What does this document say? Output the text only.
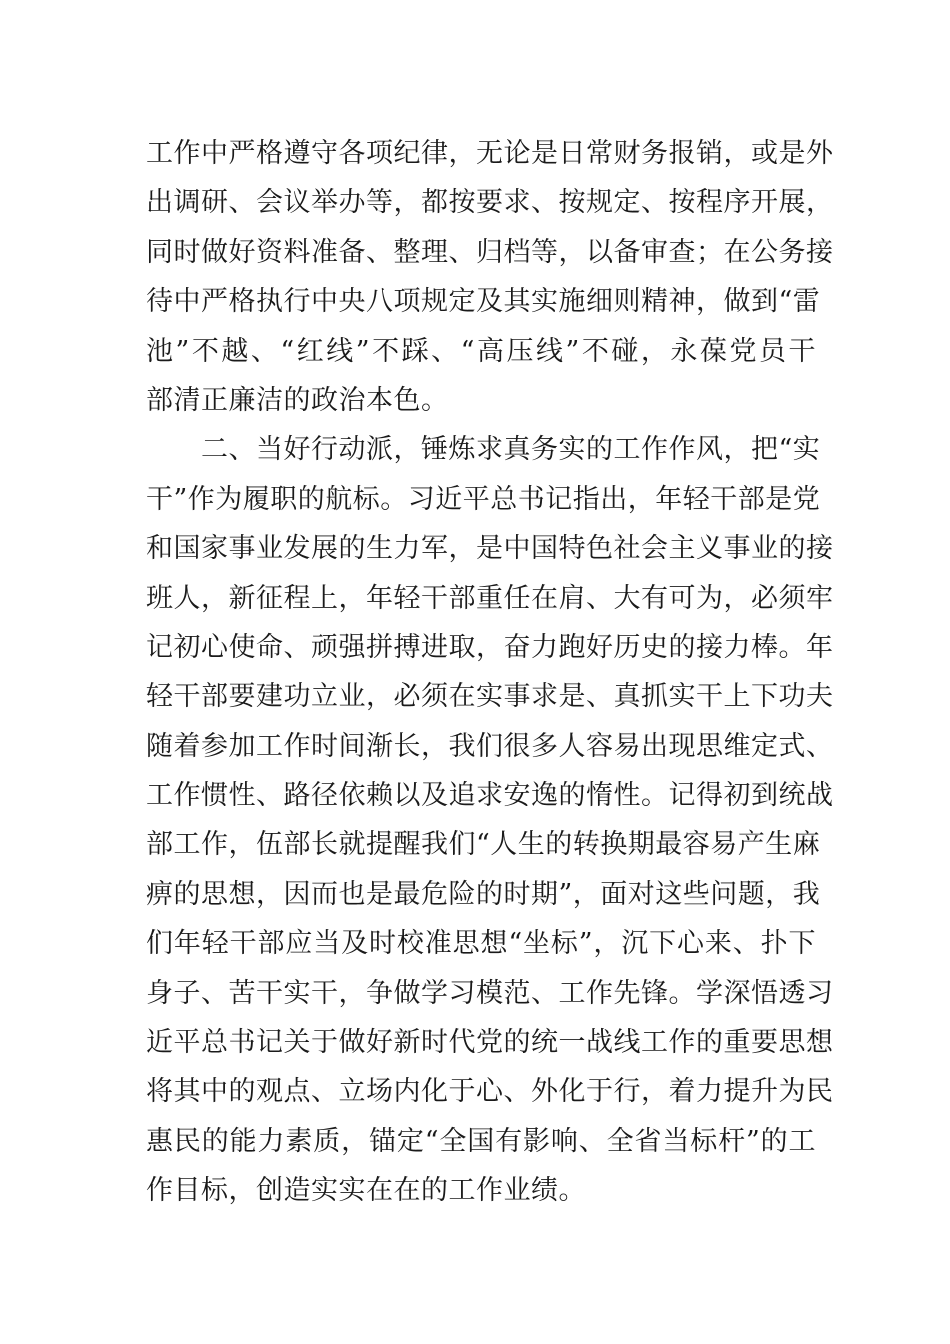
工作中严格遵守各项纪律，无论是日常财务报销，或是外
出调研、会议举办等，都按要求、按规定、按程序开展，
同时做好资料准备、整理、归档等，以备审查；在公务接
待中严格执行中央八项规定及其实施细则精神，做到“雷
池”不越、“红线”不踩、“高压线”不碰，永葆党员干
部清正廉洁的政治本色。
二、当好行动派，锤炼求真务实的工作作风，把“实
干”作为履职的航标。习近平总书记指出，年轻干部是党
和国家事业发展的生力军，是中国特色社会主义事业的接
班人，新征程上，年轻干部重任在肩、大有可为，必须牢
记初心使命、顽强拼搏进取，奋力跑好历史的接力棒。年
轻干部要建功立业，必须在实事求是、真抓实干上下功夫
随着参加工作时间渐长，我们很多人容易出现思维定式、
工作惯性、路径依赖以及追求安逸的惰性。记得初到统战
部工作，伍部长就提醒我们“人生的转换期最容易产生麻
痹的思想，因而也是最危险的时期”，面对这些问题，我
们年轻干部应当及时校准思想“坐标”，沉下心来、扑下
身子、苦干实干，争做学习模范、工作先锋。学深悟透习
近平总书记关于做好新时代党的统一战线工作的重要思想
将其中的观点、立场内化于心、外化于行，着力提升为民
惠民的能力素质，锚定“全国有影响、全省当标杆”的工
作目标，创造实实在在的工作业绩。
